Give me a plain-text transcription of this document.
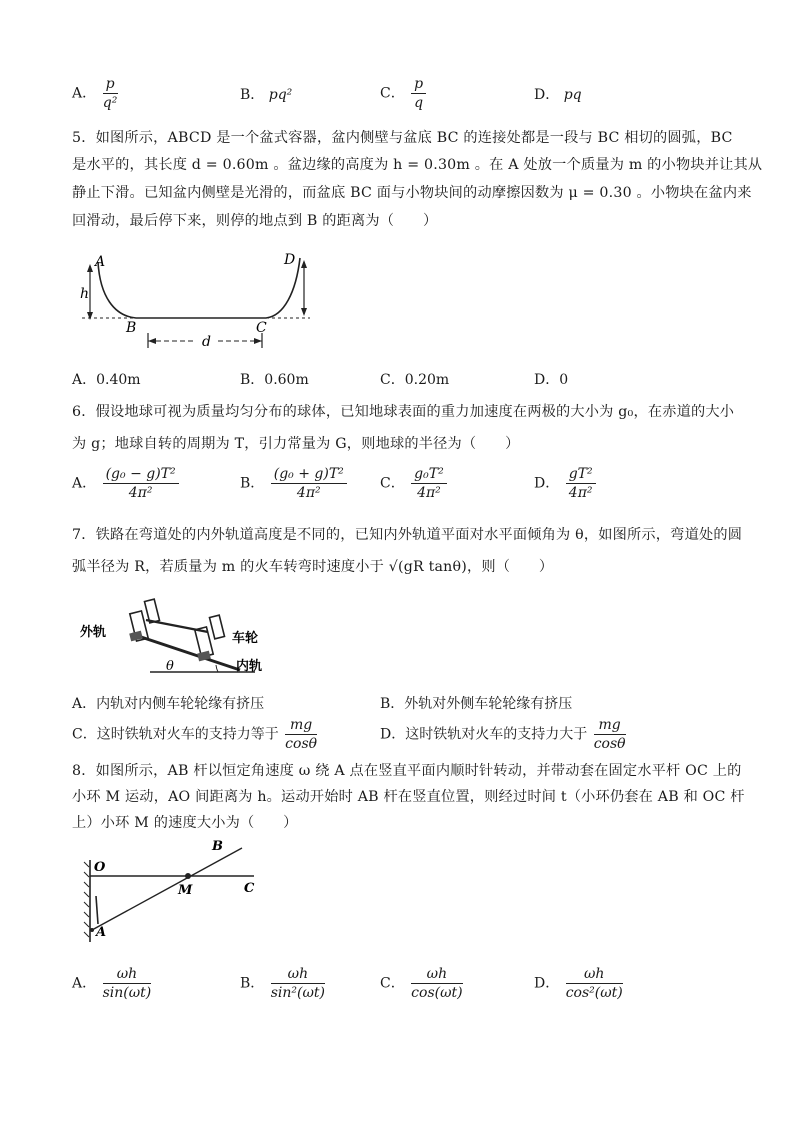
A． $\frac{p}{\text{q²}}$	B． pq²	C． $\frac{p}{q}$	D． pq
5．如图所示，ABCD 是一个盆式容器，盆内侧壁与盆底 BC 的连接处都是一段与 BC 相切的圆弧，BC
是水平的，其长度 d = 0.60m 。盆边缘的高度为 h = 0.30m 。在 A 处放一个质量为 m 的小物块并让其从
静止下滑。已知盆内侧壁是光滑的，而盆底 BC 面与小物块间的动摩擦因数为 μ = 0.30 。小物块在盆内来
回滑动，最后停下来，则停的地点到 B 的距离为（　　）
A
h
B	C
D
d
A．0.40m	B．0.60m	C．0.20m	D．0
6．假设地球可视为质量均匀分布的球体，已知地球表面的重力加速度在两极的大小为 g₀，在赤道的大小
为 g；地球自转的周期为 T，引力常量为 G，则地球的半径为（　　）
A． $\frac{\text{(g₀ − g)T²}}{\text{4π²}}$	B． $\frac{\text{(g₀ + g)T²}}{\text{4π²}}$ C． $\frac{\text{g₀T²}}{\text{4π²}}$	D． $\frac{\text{gT²}}{\text{4π²}}$
7．铁路在弯道处的内外轨道高度是不同的，已知内外轨道平面对水平面倾角为 θ，如图所示，弯道处的圆
弧半径为 R，若质量为 m 的火车转弯时速度小于 √(gR tanθ)，则（　　）
外轨	车轮
内轨
θ
A．内轨对内侧车轮轮缘有挤压	B．外轨对外侧车轮轮缘有挤压
C．这时铁轨对火车的支持力等于 $\frac{mg}{\cos\theta}$	D．这时铁轨对火车的支持力大于 $\frac{mg}{\cos\theta}$
8．如图所示，AB 杆以恒定角速度 ω 绕 A 点在竖直平面内顺时针转动，并带动套在固定水平杆 OC 上的
小环 M 运动，AO 间距离为 h。运动开始时 AB 杆在竖直位置，则经过时间 t（小环仍套在 AB 和 OC 杆
上）小环 M 的速度大小为（　　）
O
B
M	C
A
A． $\frac{\omega h}{\sin(\omega t)}$	B． $\frac{\omega h}{\text{sin²(ωt)}}$	C． $\frac{\omega h}{\cos(\omega t)}$	D． $\frac{\omega h}{\text{cos²(ωt)}}$
